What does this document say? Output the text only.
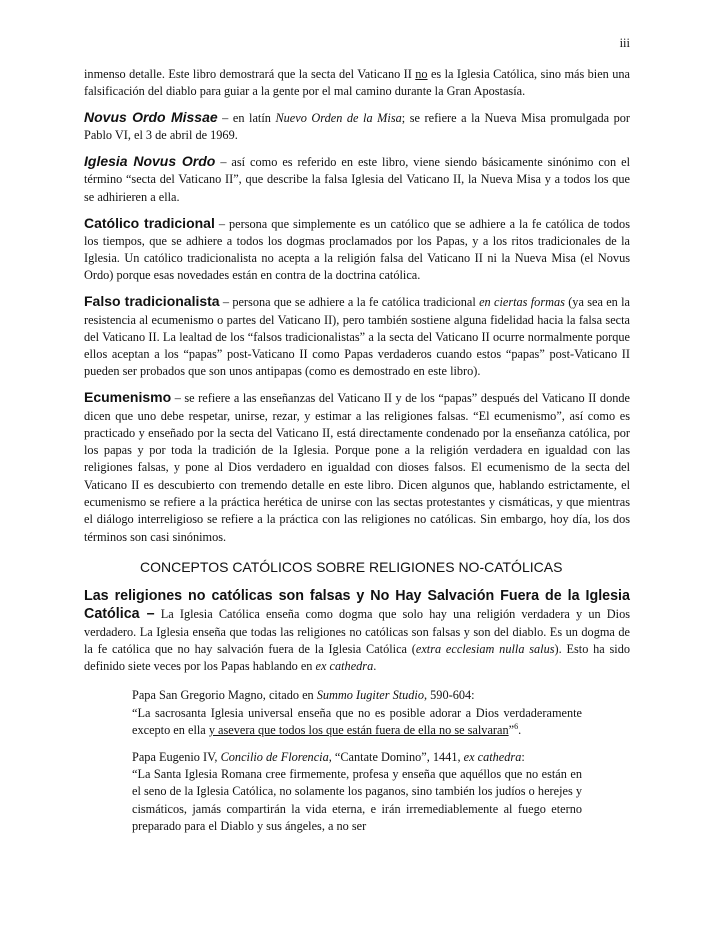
iii

inmenso detalle. Este libro demostrará que la secta del Vaticano II no es la Iglesia Católica, sino más bien una falsificación del diablo para guiar a la gente por el mal camino durante la Gran Apostasía.

Novus Ordo Missae – en latín Nuevo Orden de la Misa; se refiere a la Nueva Misa promulgada por Pablo VI, el 3 de abril de 1969.

Iglesia Novus Ordo – así como es referido en este libro, viene siendo básicamente sinónimo con el término “secta del Vaticano II”, que describe la falsa Iglesia del Vaticano II, la Nueva Misa y a todos los que se adhirieren a ella.

Católico tradicional – persona que simplemente es un católico que se adhiere a la fe católica de todos los tiempos, que se adhiere a todos los dogmas proclamados por los Papas, y a los ritos tradicionales de la Iglesia. Un católico tradicionalista no acepta a la religión falsa del Vaticano II ni la Nueva Misa (el Novus Ordo) porque esas novedades están en contra de la doctrina católica.

Falso tradicionalista – persona que se adhiere a la fe católica tradicional en ciertas formas (ya sea en la resistencia al ecumenismo o partes del Vaticano II), pero también sostiene alguna fidelidad hacia la falsa secta del Vaticano II. La lealtad de los “falsos tradicionalistas” a la secta del Vaticano II ocurre normalmente porque ellos aceptan a los “papas” post-Vaticano II como Papas verdaderos cuando estos “papas” post-Vaticano II pueden ser probados que son unos antipapas (como es demostrado en este libro).

Ecumenismo – se refiere a las enseñanzas del Vaticano II y de los “papas” después del Vaticano II donde dicen que uno debe respetar, unirse, rezar, y estimar a las religiones falsas. “El ecumenismo”, así como es practicado y enseñado por la secta del Vaticano II, está directamente condenado por la enseñanza católica, por los papas y por toda la tradición de la Iglesia. Porque pone a la religión verdadera en igualdad con las religiones falsas, y pone al Dios verdadero en igualdad con dioses falsos. El ecumenismo de la secta del Vaticano II es descubierto con tremendo detalle en este libro. Dicen algunos que, hablando estrictamente, el ecumenismo se refiere a la práctica herética de unirse con las sectas protestantes y cismáticas, y que mientras el diálogo interreligioso se refiere a la práctica con las religiones no católicas. Sin embargo, hoy día, los dos términos son casi sinónimos.

CONCEPTOS CATÓLICOS SOBRE RELIGIONES NO-CATÓLICAS

Las religiones no católicas son falsas y No Hay Salvación Fuera de la Iglesia Católica – La Iglesia Católica enseña como dogma que solo hay una religión verdadera y un Dios verdadero. La Iglesia enseña que todas las religiones no católicas son falsas y son del diablo. Es un dogma de la fe católica que no hay salvación fuera de la Iglesia Católica (extra ecclesiam nulla salus). Esto ha sido definido siete veces por los Papas hablando en ex cathedra.

Papa San Gregorio Magno, citado en Summo Iugiter Studio, 590-604:

“La sacrosanta Iglesia universal enseña que no es posible adorar a Dios verdaderamente excepto en ella y asevera que todos los que están fuera de ella no se salvaran”$^6$.

Papa Eugenio IV, Concilio de Florencia, “Cantate Domino”, 1441, ex cathedra:

“La Santa Iglesia Romana cree firmemente, profesa y enseña que aquéllos que no están en el seno de la Iglesia Católica, no solamente los paganos, sino también los judíos o herejes y cismáticos, jamás compartirán la vida eterna, e irán irremediablemente al fuego eterno preparado para el Diablo y sus ángeles, a no ser
